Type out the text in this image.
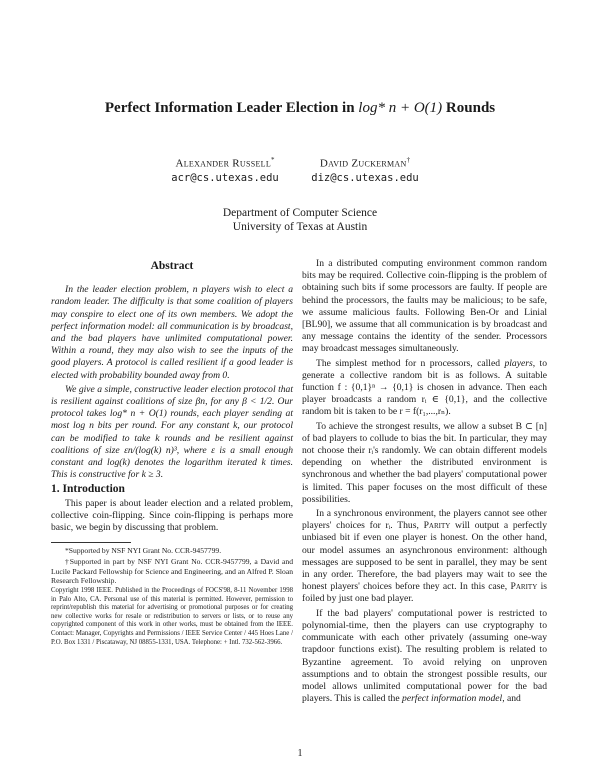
Perfect Information Leader Election in log* n + O(1) Rounds
Alexander Russell*
acr@cs.utexas.edu
David Zuckerman†
diz@cs.utexas.edu
Department of Computer Science
University of Texas at Austin
Abstract

In the leader election problem, n players wish to elect a random leader. The difficulty is that some coalition of players may conspire to elect one of its own members. We adopt the perfect information model: all communication is by broadcast, and the bad players have unlimited computational power. Within a round, they may also wish to see the inputs of the good players. A protocol is called resilient if a good leader is elected with probability bounded away from 0.

We give a simple, constructive leader election protocol that is resilient against coalitions of size βn, for any β < 1/2. Our protocol takes log* n + O(1) rounds, each player sending at most log n bits per round. For any constant k, our protocol can be modified to take k rounds and be resilient against coalitions of size εn/(log(k) n)³, where ε is a small enough constant and log(k) denotes the logarithm iterated k times. This is constructive for k ≥ 3.

1. Introduction

This paper is about leader election and a related problem, collective coin-flipping. Since coin-flipping is perhaps more basic, we begin by discussing that problem.

*Supported by NSF NYI Grant No. CCR-9457799.

†Supported in part by NSF NYI Grant No. CCR-9457799, a David and Lucile Packard Fellowship for Science and Engineering, and an Alfred P. Sloan Research Fellowship.

Copyright 1998 IEEE. Published in the Proceedings of FOCS'98, 8-11 November 1998 in Palo Alto, CA. Personal use of this material is permitted. However, permission to reprint/republish this material for advertising or promotional purposes or for creating new collective works for resale or redistribution to servers or lists, or to reuse any copyrighted component of this work in other works, must be obtained from the IEEE. Contact: Manager, Copyrights and Permissions / IEEE Service Center / 445 Hoes Lane / P.O. Box 1331 / Piscataway, NJ 08855-1331, USA. Telephone: + Intl. 732-562-3966.

In a distributed computing environment common random bits may be required. Collective coin-flipping is the problem of obtaining such bits if some processors are faulty. If people are behind the processors, the faults may be malicious; to be safe, we assume malicious faults. Following Ben-Or and Linial [BL90], we assume that all communication is by broadcast and any message contains the identity of the sender. Processors may broadcast messages simultaneously.

The simplest method for n processors, called players, to generate a collective random bit is as follows. A suitable function f : {0,1}ⁿ → {0,1} is chosen in advance. Then each player broadcasts a random rᵢ ∈ {0,1}, and the collective random bit is taken to be r = f(r₁,...,rₙ).

To achieve the strongest results, we allow a subset B ⊂ [n] of bad players to collude to bias the bit. In particular, they may not choose their rᵢ's randomly. We can obtain different models depending on whether the distributed environment is synchronous and whether the bad players' computational power is limited. This paper focuses on the most difficult of these possibilities.

In a synchronous environment, the players cannot see other players' choices for rᵢ. Thus, Parity will output a perfectly unbiased bit if even one player is honest. On the other hand, our model assumes an asynchronous environment: although messages are supposed to be sent in parallel, they may be sent in any order. Therefore, the bad players may wait to see the honest players' choices before they act. In this case, Parity is foiled by just one bad player.

If the bad players' computational power is restricted to polynomial-time, then the players can use cryptography to communicate with each other privately (assuming one-way trapdoor functions exist). The resulting problem is related to Byzantine agreement. To avoid relying on unproven assumptions and to obtain the strongest possible results, our model allows unlimited computational power for the bad players. This is called the perfect information model, and

1
